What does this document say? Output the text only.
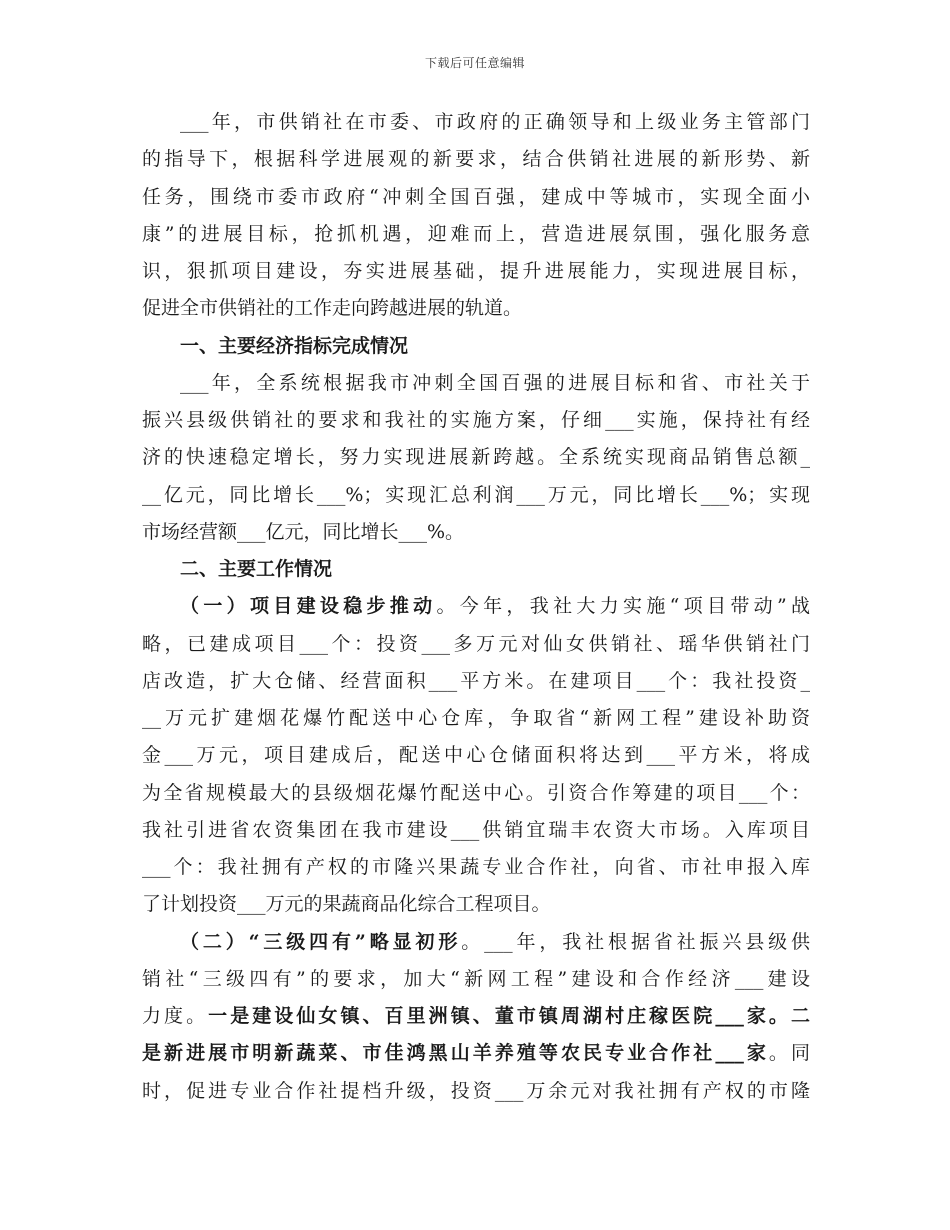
下载后可任意编辑
___年，市供销社在市委、市政府的正确领导和上级业务主管部门
的指导下，根据科学进展观的新要求，结合供销社进展的新形势、新
任务，围绕市委市政府“冲刺全国百强，建成中等城市，实现全面小
康”的进展目标，抢抓机遇，迎难而上，营造进展氛围，强化服务意
识，狠抓项目建设，夯实进展基础，提升进展能力，实现进展目标，
促进全市供销社的工作走向跨越进展的轨道。
一、主要经济指标完成情况
___年，全系统根据我市冲刺全国百强的进展目标和省、市社关于
振兴县级供销社的要求和我社的实施方案，仔细___实施，保持社有经
济的快速稳定增长，努力实现进展新跨越。全系统实现商品销售总额_
__亿元，同比增长___%；实现汇总利润___万元，同比增长___%；实现
市场经营额___亿元，同比增长___%。
二、主要工作情况
（一）项目建设稳步推动。今年，我社大力实施“项目带动”战
略，已建成项目___个：投资___多万元对仙女供销社、瑶华供销社门
店改造，扩大仓储、经营面积___平方米。在建项目___个：我社投资_
__万元扩建烟花爆竹配送中心仓库，争取省“新网工程”建设补助资
金___万元，项目建成后，配送中心仓储面积将达到___平方米，将成
为全省规模最大的县级烟花爆竹配送中心。引资合作筹建的项目___个：
我社引进省农资集团在我市建设___供销宜瑞丰农资大市场。入库项目
___个：我社拥有产权的市隆兴果蔬专业合作社，向省、市社申报入库
了计划投资___万元的果蔬商品化综合工程项目。
（二）“三级四有”略显初形。___年，我社根据省社振兴县级供
销社“三级四有”的要求，加大“新网工程”建设和合作经济___建设
力度。一是建设仙女镇、百里洲镇、董市镇周湖村庄稼医院___家。二
是新进展市明新蔬菜、市佳鸿黑山羊养殖等农民专业合作社___家。同
时，促进专业合作社提档升级，投资___万余元对我社拥有产权的市隆
